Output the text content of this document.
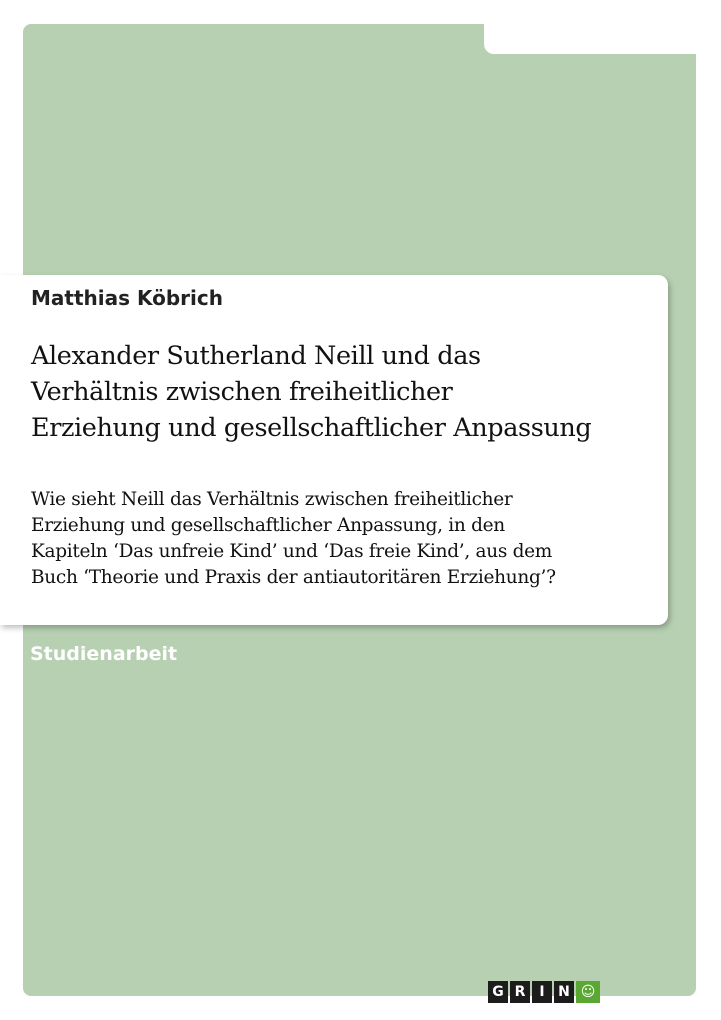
Matthias Köbrich
Alexander Sutherland Neill und das
Verhältnis zwischen freiheitlicher
Erziehung und gesellschaftlicher Anpassung
Wie sieht Neill das Verhältnis zwischen freiheitlicher
Erziehung und gesellschaftlicher Anpassung, in den
Kapiteln ‘Das unfreie Kind’ und ‘Das freie Kind’, aus dem
Buch ‘Theorie und Praxis der antiautoritären Erziehung’?
Studienarbeit
G R	I N ☺
